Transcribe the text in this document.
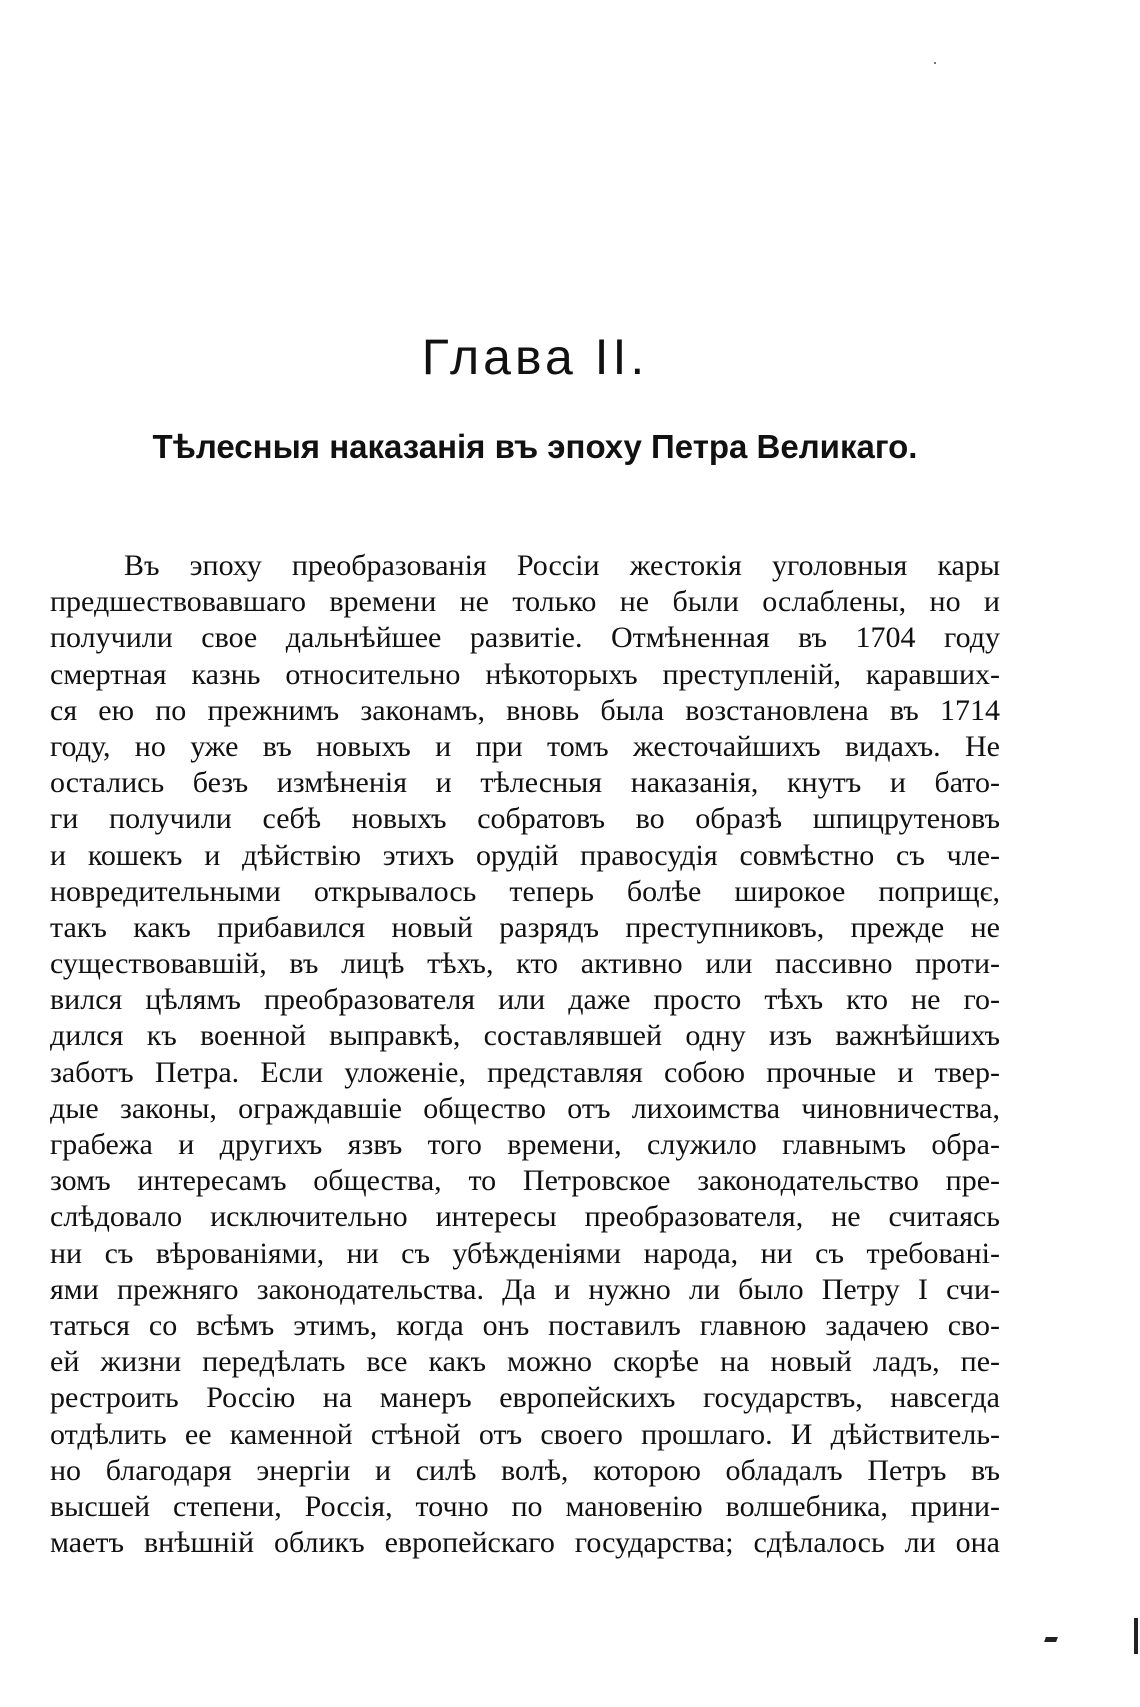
Глава II.
Тѣлесныя наказанія въ эпоху Петра Великаго.
Въ эпоху преобразованія Россіи жестокія уголовныя кары
предшествовавшаго времени не только не были ослаблены, но и
получили свое дальнѣйшее развитіе. Отмѣненная въ 1704 году
смертная казнь относительно нѣкоторыхъ преступленій, каравших-
ся ею по прежнимъ законамъ, вновь была возстановлена въ 1714
году, но уже въ новыхъ и при томъ жесточайшихъ видахъ. Не
остались безъ измѣненія и тѣлесныя наказанія, кнутъ и бато-
ги получили себѣ новыхъ собратовъ во образѣ шпицрутеновъ
и кошекъ и дѣйствію этихъ орудій правосудія совмѣстно съ чле-
новредительными открывалось теперь болѣе широкое поприщє,
такъ какъ прибавился новый разрядъ преступниковъ, прежде не
существовавшій, въ лицѣ тѣхъ, кто активно или пассивно проти-
вился цѣлямъ преобразователя или даже просто тѣхъ кто не го-
дился къ военной выправкѣ, составлявшей одну изъ важнѣйшихъ
заботъ Петра. Если уложеніе, представляя собою прочные и твер-
дые законы, ограждавшіе общество отъ лихоимства чиновничества,
грабежа и другихъ язвъ того времени, служило главнымъ обра-
зомъ интересамъ общества, то Петровское законодательство пре-
слѣдовало исключительно интересы преобразователя, не считаясь
ни съ вѣрованіями, ни съ убѣжденіями народа, ни съ требованi-
ями прежняго законодательства. Да и нужно ли было Петру I счи-
таться со всѣмъ этимъ, когда онъ поставилъ главною задачею сво-
ей жизни передѣлать все какъ можно скорѣе на новый ладъ, пе-
рестроить Россію на манеръ европейскихъ государствъ, навсегда
отдѣлить ее каменной стѣной отъ своего прошлаго. И дѣйствитель-
но благодаря энергіи и силѣ волѣ, которою обладалъ Петръ въ
высшей степени, Россія, точно по мановенію волшебника, прини-
маетъ внѣшній обликъ европейскаго государства; сдѣлалось ли она
